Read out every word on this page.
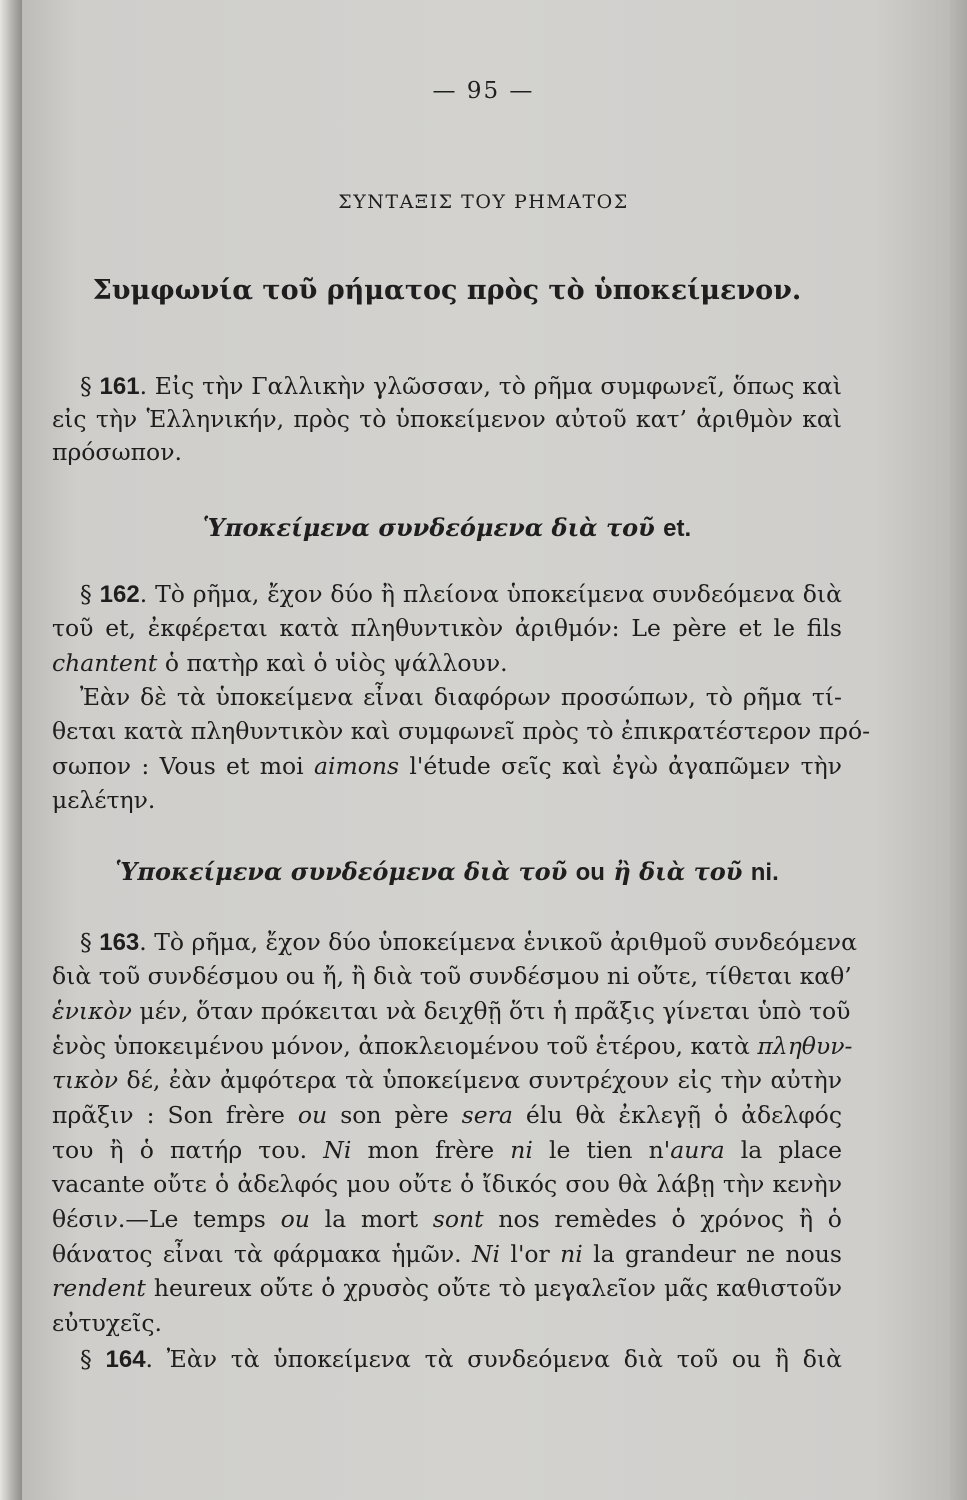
— 95 —

ΣΥΝΤΑΞΙΣ ΤΟΥ ΡΗΜΑΤΟΣ

Συμφωνία τοῦ ρήματος πρὸς τὸ ὑποκείμενον.

§ 161. Εἰς τὴν Γαλλικὴν γλῶσσαν, τὸ ρῆμα συμφωνεῖ, ὅπως καὶ

εἰς τὴν Ἑλληνικήν, πρὸς τὸ ὑποκείμενον αὐτοῦ κατ’ ἀριθμὸν καὶ

πρόσωπον.

Ὑποκείμενα συνδεόμενα διὰ τοῦ et.

§ 162. Τὸ ρῆμα, ἔχον δύο ἢ πλείονα ὑποκείμενα συνδεόμενα διὰ

τοῦ et, ἐκφέρεται κατὰ πληθυντικὸν ἀριθμόν: Le père et le fils

chantent ὁ πατὴρ καὶ ὁ υἱὸς ψάλλουν.

Ἐὰν δὲ τὰ ὑποκείμενα εἶναι διαφόρων προσώπων, τὸ ρῆμα τί-

θεται κατὰ πληθυντικὸν καὶ συμφωνεῖ πρὸς τὸ ἐπικρατέστερον πρό-

σωπον : Vous et moi aimons l'étude σεῖς καὶ ἐγὼ ἀγαπῶμεν τὴν

μελέτην.

Ὑποκείμενα συνδεόμενα διὰ τοῦ ou ἢ διὰ τοῦ ni.

§ 163. Τὸ ρῆμα, ἔχον δύο ὑποκείμενα ἑνικοῦ ἀριθμοῦ συνδεόμενα

διὰ τοῦ συνδέσμου ou ἤ, ἢ διὰ τοῦ συνδέσμου ni οὔτε, τίθεται καθ’

ἑνικὸν μέν, ὅταν πρόκειται νὰ δειχθῇ ὅτι ἡ πρᾶξις γίνεται ὑπὸ τοῦ

ἑνὸς ὑποκειμένου μόνον, ἀποκλειομένου τοῦ ἑτέρου, κατὰ πληθυν-

τικὸν δέ, ἐὰν ἀμφότερα τὰ ὑποκείμενα συντρέχουν εἰς τὴν αὐτὴν

πρᾶξιν : Son frère ou son père sera élu θὰ ἐκλεγῇ ὁ ἀδελφός

του ἢ ὁ πατήρ του. Ni mon frère ni le tien n'aura la place

vacante οὔτε ὁ ἀδελφός μου οὔτε ὁ ἴδικός σου θὰ λάβῃ τὴν κενὴν

θέσιν.—Le temps ou la mort sont nos remèdes ὁ χρόνος ἢ ὁ

θάνατος εἶναι τὰ φάρμακα ἡμῶν. Ni l'or ni la grandeur ne nous

rendent heureux οὔτε ὁ χρυσὸς οὔτε τὸ μεγαλεῖον μᾶς καθιστοῦν

εὐτυχεῖς.

§ 164. Ἐὰν τὰ ὑποκείμενα τὰ συνδεόμενα διὰ τοῦ ou ἢ διὰ
